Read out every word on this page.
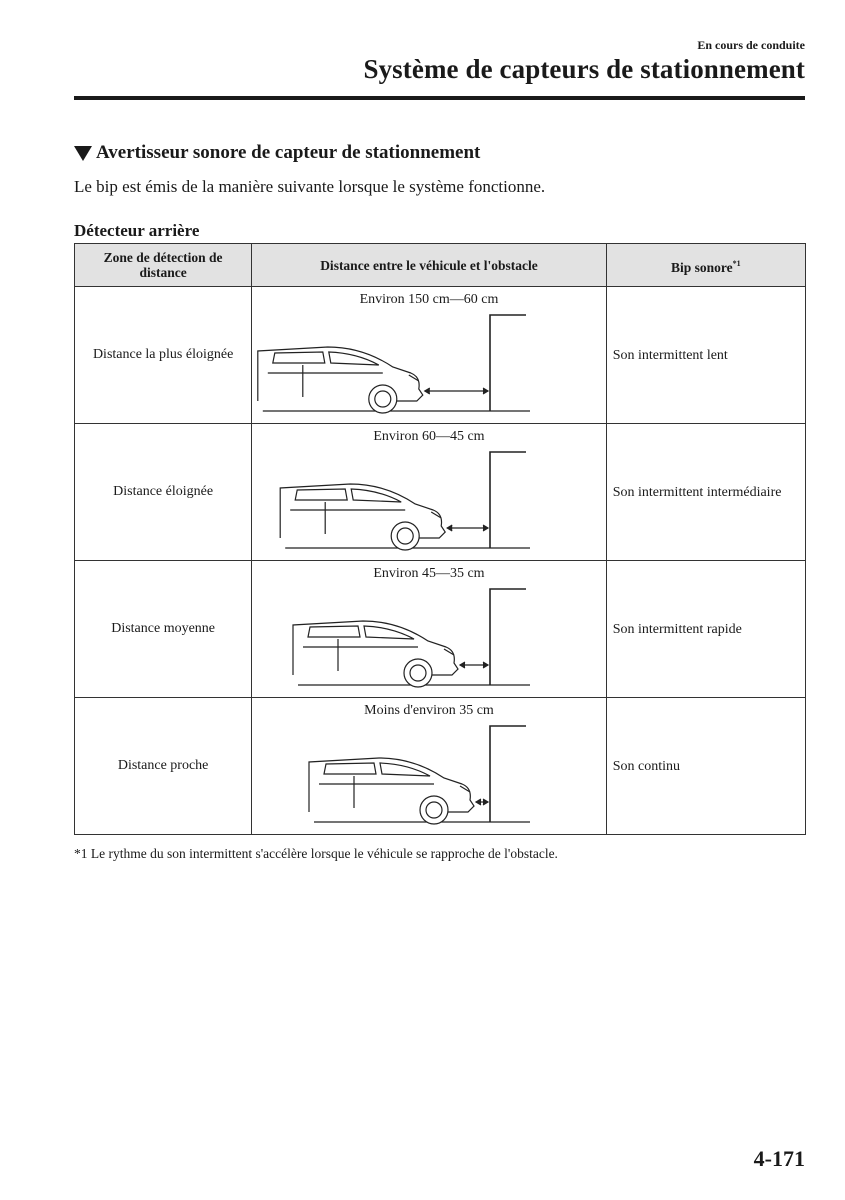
En cours de conduite
Système de capteurs de stationnement
Avertisseur sonore de capteur de stationnement
Le bip est émis de la manière suivante lorsque le système fonctionne.
Détecteur arrière
Zone de détection de distance	Distance entre le véhicule et l'obstacle	Bip sonore$^{*1}$
Distance la plus éloignée	Environ 150 cm—60 cm	Son intermittent lent
Distance éloignée	Environ 60—45 cm	Son intermittent intermédiaire
Distance moyenne	Environ 45—35 cm	Son intermittent rapide
Distance proche	Moins d'environ 35 cm	Son continu
*1 Le rythme du son intermittent s'accélère lorsque le véhicule se rapproche de l'obstacle.
4-171
